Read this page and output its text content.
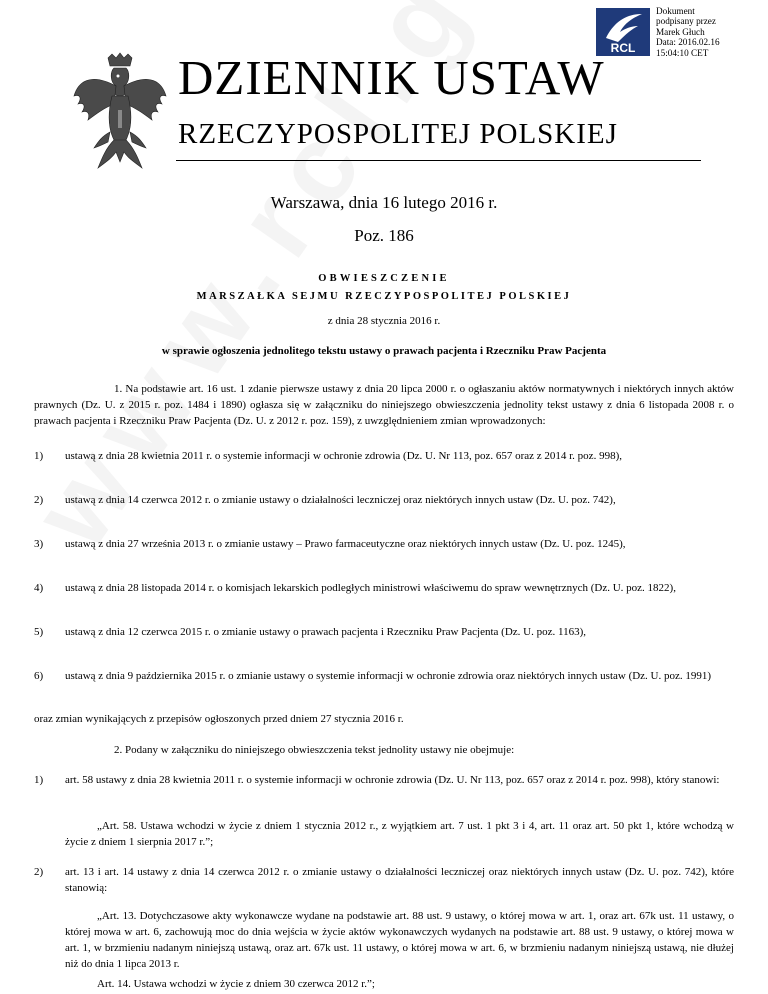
RCL
Dokument
podpisany przez
Marek Głuch
Data: 2016.02.16
15:04:10 CET
DZIENNIK USTAW
RZECZYPOSPOLITEJ POLSKIEJ
Warszawa, dnia 16 lutego 2016 r.
Poz. 186
OBWIESZCZENIE
MARSZAŁKA SEJMU RZECZYPOSPOLITEJ POLSKIEJ
z dnia 28 stycznia 2016 r.
w sprawie ogłoszenia jednolitego tekstu ustawy o prawach pacjenta i Rzeczniku Praw Pacjenta
1. Na podstawie art. 16 ust. 1 zdanie pierwsze ustawy z dnia 20 lipca 2000 r. o ogłaszaniu aktów normatywnych i niektórych innych aktów prawnych (Dz. U. z 2015 r. poz. 1484 i 1890) ogłasza się w załączniku do niniejszego obwieszczenia jednolity tekst ustawy z dnia 6 listopada 2008 r. o prawach pacjenta i Rzeczniku Praw Pacjenta (Dz. U. z 2012 r. poz. 159), z uwzględnieniem zmian wprowadzonych:
1) ustawą z dnia 28 kwietnia 2011 r. o systemie informacji w ochronie zdrowia (Dz. U. Nr 113, poz. 657 oraz z 2014 r. poz. 998),
2) ustawą z dnia 14 czerwca 2012 r. o zmianie ustawy o działalności leczniczej oraz niektórych innych ustaw (Dz. U. poz. 742),
3) ustawą z dnia 27 września 2013 r. o zmianie ustawy – Prawo farmaceutyczne oraz niektórych innych ustaw (Dz. U. poz. 1245),
4) ustawą z dnia 28 listopada 2014 r. o komisjach lekarskich podległych ministrowi właściwemu do spraw wewnętrznych (Dz. U. poz. 1822),
5) ustawą z dnia 12 czerwca 2015 r. o zmianie ustawy o prawach pacjenta i Rzeczniku Praw Pacjenta (Dz. U. poz. 1163),
6) ustawą z dnia 9 października 2015 r. o zmianie ustawy o systemie informacji w ochronie zdrowia oraz niektórych innych ustaw (Dz. U. poz. 1991)
oraz zmian wynikających z przepisów ogłoszonych przed dniem 27 stycznia 2016 r.
2. Podany w załączniku do niniejszego obwieszczenia tekst jednolity ustawy nie obejmuje:
1) art. 58 ustawy z dnia 28 kwietnia 2011 r. o systemie informacji w ochronie zdrowia (Dz. U. Nr 113, poz. 657 oraz z 2014 r. poz. 998), który stanowi:
„Art. 58. Ustawa wchodzi w życie z dniem 1 stycznia 2012 r., z wyjątkiem art. 7 ust. 1 pkt 3 i 4, art. 11 oraz art. 50 pkt 1, które wchodzą w życie z dniem 1 sierpnia 2017 r.”;
2) art. 13 i art. 14 ustawy z dnia 14 czerwca 2012 r. o zmianie ustawy o działalności leczniczej oraz niektórych innych ustaw (Dz. U. poz. 742), które stanowią:
„Art. 13. Dotychczasowe akty wykonawcze wydane na podstawie art. 88 ust. 9 ustawy, o której mowa w art. 1, oraz art. 67k ust. 11 ustawy, o której mowa w art. 6, zachowują moc do dnia wejścia w życie aktów wykonawczych wydanych na podstawie art. 88 ust. 9 ustawy, o której mowa w art. 1, w brzmieniu nadanym niniejszą ustawą, oraz art. 67k ust. 11 ustawy, o której mowa w art. 6, w brzmieniu nadanym niniejszą ustawą, nie dłużej niż do dnia 1 lipca 2013 r.
Art. 14. Ustawa wchodzi w życie z dniem 30 czerwca 2012 r.”;
